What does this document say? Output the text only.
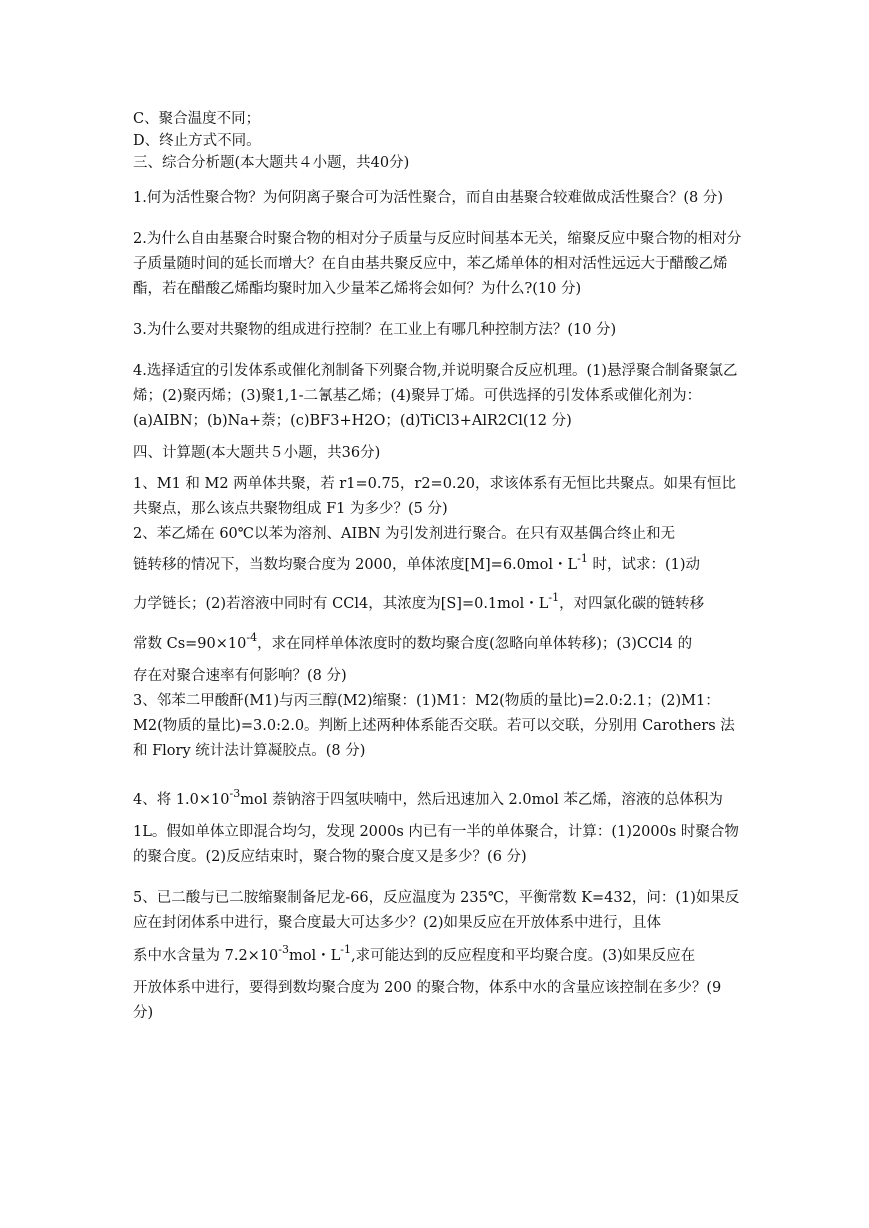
C、聚合温度不同；
D、终止方式不同。
三、综合分析题(本大题共４小题，共40分)

1.何为活性聚合物？为何阴离子聚合可为活性聚合，而自由基聚合较难做成活性聚合？(8 分)

2.为什么自由基聚合时聚合物的相对分子质量与反应时间基本无关，缩聚反应中聚合物的相对分子质量随时间的延长而增大？在自由基共聚反应中，苯乙烯单体的相对活性远远大于醋酸乙烯酯，若在醋酸乙烯酯均聚时加入少量苯乙烯将会如何？为什么?(10 分)

3.为什么要对共聚物的组成进行控制？在工业上有哪几种控制方法？(10 分)

4.选择适宜的引发体系或催化剂制备下列聚合物,并说明聚合反应机理。(1)悬浮聚合制备聚氯乙烯；(2)聚丙烯；(3)聚1,1-二氰基乙烯；(4)聚异丁烯。可供选择的引发体系或催化剂为：(a)AIBN；(b)Na+萘；(c)BF3+H2O；(d)TiCl3+AlR2Cl(12 分)

四、计算题(本大题共５小题，共36分)

1、M1 和 M2 两单体共聚，若 r1=0.75，r2=0.20，求该体系有无恒比共聚点。如果有恒比共聚点，那么该点共聚物组成 F1 为多少？(5 分)

2、苯乙烯在 60℃以苯为溶剂、AIBN 为引发剂进行聚合。在只有双基偶合终止和无
链转移的情况下，当数均聚合度为 2000，单体浓度[M]=6.0mol・$L^{-1}$ 时，试求：(1)动
力学链长；(2)若溶液中同时有 CCl4，其浓度为[S]=0.1mol・$L^{-1}$，对四氯化碳的链转移
常数 $Cs=90\times 10^{-4}$，求在同样单体浓度时的数均聚合度(忽略向单体转移)；(3)CCl4 的
存在对聚合速率有何影响？(8 分)

3、邻苯二甲酸酐(M1)与丙三醇(M2)缩聚：(1)M1：M2(物质的量比)=2.0:2.1；(2)M1：M2(物质的量比)=3.0:2.0。判断上述两种体系能否交联。若可以交联，分别用 Carothers 法和 Flory 统计法计算凝胶点。(8 分)

4、将 $1.0\times 10^{-3}mol$ 萘钠溶于四氢呋喃中，然后迅速加入 2.0mol 苯乙烯，溶液的总体积为

1L。假如单体立即混合均匀，发现 2000s 内已有一半的单体聚合，计算：(1)2000s 时聚合物的聚合度。(2)反应结束时，聚合物的聚合度又是多少？(6 分)

5、已二酸与已二胺缩聚制备尼龙-66，反应温度为 235℃，平衡常数 K=432，问：(1)如果反应在封闭体系中进行，聚合度最大可达多少？(2)如果反应在开放体系中进行，且体

系中水含量为 $7.2\times 10^{-3}mol$・$L^{-1}$,求可能达到的反应程度和平均聚合度。(3)如果反应在

开放体系中进行，要得到数均聚合度为 200 的聚合物，体系中水的含量应该控制在多少？(9 分)
